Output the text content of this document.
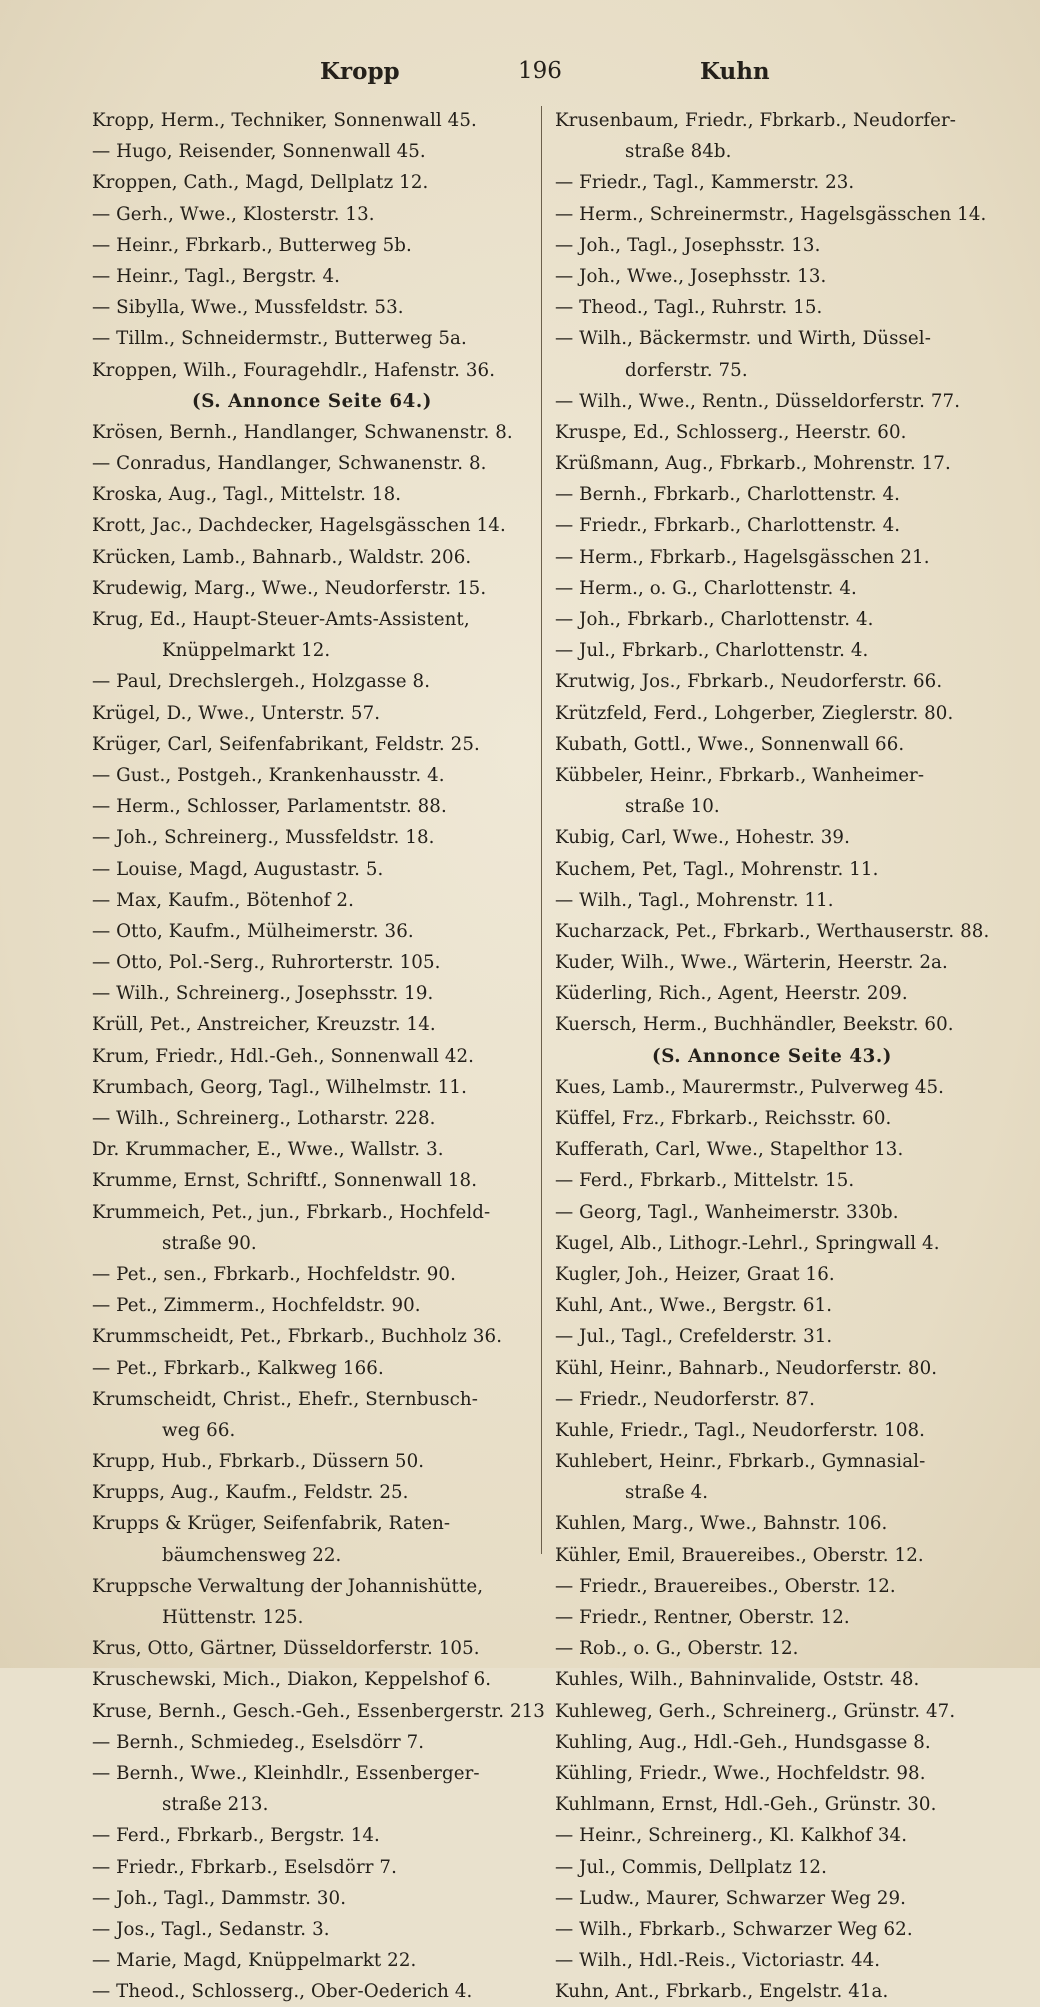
Kropp	196	Kuhn
Kropp, Herm., Techniker, Sonnenwall 45.
— Hugo, Reisender, Sonnenwall 45.
Kroppen, Cath., Magd, Dellplatz 12.
— Gerh., Wwe., Klosterstr. 13.
— Heinr., Fbrkarb., Butterweg 5b.
— Heinr., Tagl., Bergstr. 4.
— Sibylla, Wwe., Mussfeldstr. 53.
— Tillm., Schneidermstr., Butterweg 5a.
Kroppen, Wilh., Fouragehdlr., Hafenstr. 36.
(S. Annonce Seite 64.)
Krösen, Bernh., Handlanger, Schwanenstr. 8.
— Conradus, Handlanger, Schwanenstr. 8.
Kroska, Aug., Tagl., Mittelstr. 18.
Krott, Jac., Dachdecker, Hagelsgässchen 14.
Krücken, Lamb., Bahnarb., Waldstr. 206.
Krudewig, Marg., Wwe., Neudorferstr. 15.
Krug, Ed., Haupt-Steuer-Amts-Assistent,
Knüppelmarkt 12.
— Paul, Drechslergeh., Holzgasse 8.
Krügel, D., Wwe., Unterstr. 57.
Krüger, Carl, Seifenfabrikant, Feldstr. 25.
— Gust., Postgeh., Krankenhausstr. 4.
— Herm., Schlosser, Parlamentstr. 88.
— Joh., Schreinerg., Mussfeldstr. 18.
— Louise, Magd, Augustastr. 5.
— Max, Kaufm., Bötenhof 2.
— Otto, Kaufm., Mülheimerstr. 36.
— Otto, Pol.-Serg., Ruhrorterstr. 105.
— Wilh., Schreinerg., Josephsstr. 19.
Krüll, Pet., Anstreicher, Kreuzstr. 14.
Krum, Friedr., Hdl.-Geh., Sonnenwall 42.
Krumbach, Georg, Tagl., Wilhelmstr. 11.
— Wilh., Schreinerg., Lotharstr. 228.
Dr. Krummacher, E., Wwe., Wallstr. 3.
Krumme, Ernst, Schriftf., Sonnenwall 18.
Krummeich, Pet., jun., Fbrkarb., Hochfeld-
straße 90.
— Pet., sen., Fbrkarb., Hochfeldstr. 90.
— Pet., Zimmerm., Hochfeldstr. 90.
Krummscheidt, Pet., Fbrkarb., Buchholz 36.
— Pet., Fbrkarb., Kalkweg 166.
Krumscheidt, Christ., Ehefr., Sternbusch-
weg 66.
Krupp, Hub., Fbrkarb., Düssern 50.
Krupps, Aug., Kaufm., Feldstr. 25.
Krupps & Krüger, Seifenfabrik, Raten-
bäumchensweg 22.
Kruppsche Verwaltung der Johannishütte,
Hüttenstr. 125.
Krus, Otto, Gärtner, Düsseldorferstr. 105.
Kruschewski, Mich., Diakon, Keppelshof 6.
Kruse, Bernh., Gesch.-Geh., Essenbergerstr. 213
— Bernh., Schmiedeg., Eselsdörr 7.
— Bernh., Wwe., Kleinhdlr., Essenberger-
straße 213.
— Ferd., Fbrkarb., Bergstr. 14.
— Friedr., Fbrkarb., Eselsdörr 7.
— Joh., Tagl., Dammstr. 30.
— Jos., Tagl., Sedanstr. 3.
— Marie, Magd, Knüppelmarkt 22.
— Theod., Schlosserg., Ober-Oederich 4.
Krusenbaum, Friedr., Fbrkarb., Neudorfer-
straße 84b.
— Friedr., Tagl., Kammerstr. 23.
— Herm., Schreinermstr., Hagelsgässchen 14.
— Joh., Tagl., Josephsstr. 13.
— Joh., Wwe., Josephsstr. 13.
— Theod., Tagl., Ruhrstr. 15.
— Wilh., Bäckermstr. und Wirth, Düssel-
dorferstr. 75.
— Wilh., Wwe., Rentn., Düsseldorferstr. 77.
Kruspe, Ed., Schlosserg., Heerstr. 60.
Krüßmann, Aug., Fbrkarb., Mohrenstr. 17.
— Bernh., Fbrkarb., Charlottenstr. 4.
— Friedr., Fbrkarb., Charlottenstr. 4.
— Herm., Fbrkarb., Hagelsgässchen 21.
— Herm., o. G., Charlottenstr. 4.
— Joh., Fbrkarb., Charlottenstr. 4.
— Jul., Fbrkarb., Charlottenstr. 4.
Krutwig, Jos., Fbrkarb., Neudorferstr. 66.
Krützfeld, Ferd., Lohgerber, Zieglerstr. 80.
Kubath, Gottl., Wwe., Sonnenwall 66.
Kübbeler, Heinr., Fbrkarb., Wanheimer-
straße 10.
Kubig, Carl, Wwe., Hohestr. 39.
Kuchem, Pet, Tagl., Mohrenstr. 11.
— Wilh., Tagl., Mohrenstr. 11.
Kucharzack, Pet., Fbrkarb., Werthauserstr. 88.
Kuder, Wilh., Wwe., Wärterin, Heerstr. 2a.
Küderling, Rich., Agent, Heerstr. 209.
Kuersch, Herm., Buchhändler, Beekstr. 60.
(S. Annonce Seite 43.)
Kues, Lamb., Maurermstr., Pulverweg 45.
Küffel, Frz., Fbrkarb., Reichsstr. 60.
Kufferath, Carl, Wwe., Stapelthor 13.
— Ferd., Fbrkarb., Mittelstr. 15.
— Georg, Tagl., Wanheimerstr. 330b.
Kugel, Alb., Lithogr.-Lehrl., Springwall 4.
Kugler, Joh., Heizer, Graat 16.
Kuhl, Ant., Wwe., Bergstr. 61.
— Jul., Tagl., Crefelderstr. 31.
Kühl, Heinr., Bahnarb., Neudorferstr. 80.
— Friedr., Neudorferstr. 87.
Kuhle, Friedr., Tagl., Neudorferstr. 108.
Kuhlebert, Heinr., Fbrkarb., Gymnasial-
straße 4.
Kuhlen, Marg., Wwe., Bahnstr. 106.
Kühler, Emil, Brauereibes., Oberstr. 12.
— Friedr., Brauereibes., Oberstr. 12.
— Friedr., Rentner, Oberstr. 12.
— Rob., o. G., Oberstr. 12.
Kuhles, Wilh., Bahninvalide, Oststr. 48.
Kuhleweg, Gerh., Schreinerg., Grünstr. 47.
Kuhling, Aug., Hdl.-Geh., Hundsgasse 8.
Kühling, Friedr., Wwe., Hochfeldstr. 98.
Kuhlmann, Ernst, Hdl.-Geh., Grünstr. 30.
— Heinr., Schreinerg., Kl. Kalkhof 34.
— Jul., Commis, Dellplatz 12.
— Ludw., Maurer, Schwarzer Weg 29.
— Wilh., Fbrkarb., Schwarzer Weg 62.
— Wilh., Hdl.-Reis., Victoriastr. 44.
Kuhn, Ant., Fbrkarb., Engelstr. 41a.
